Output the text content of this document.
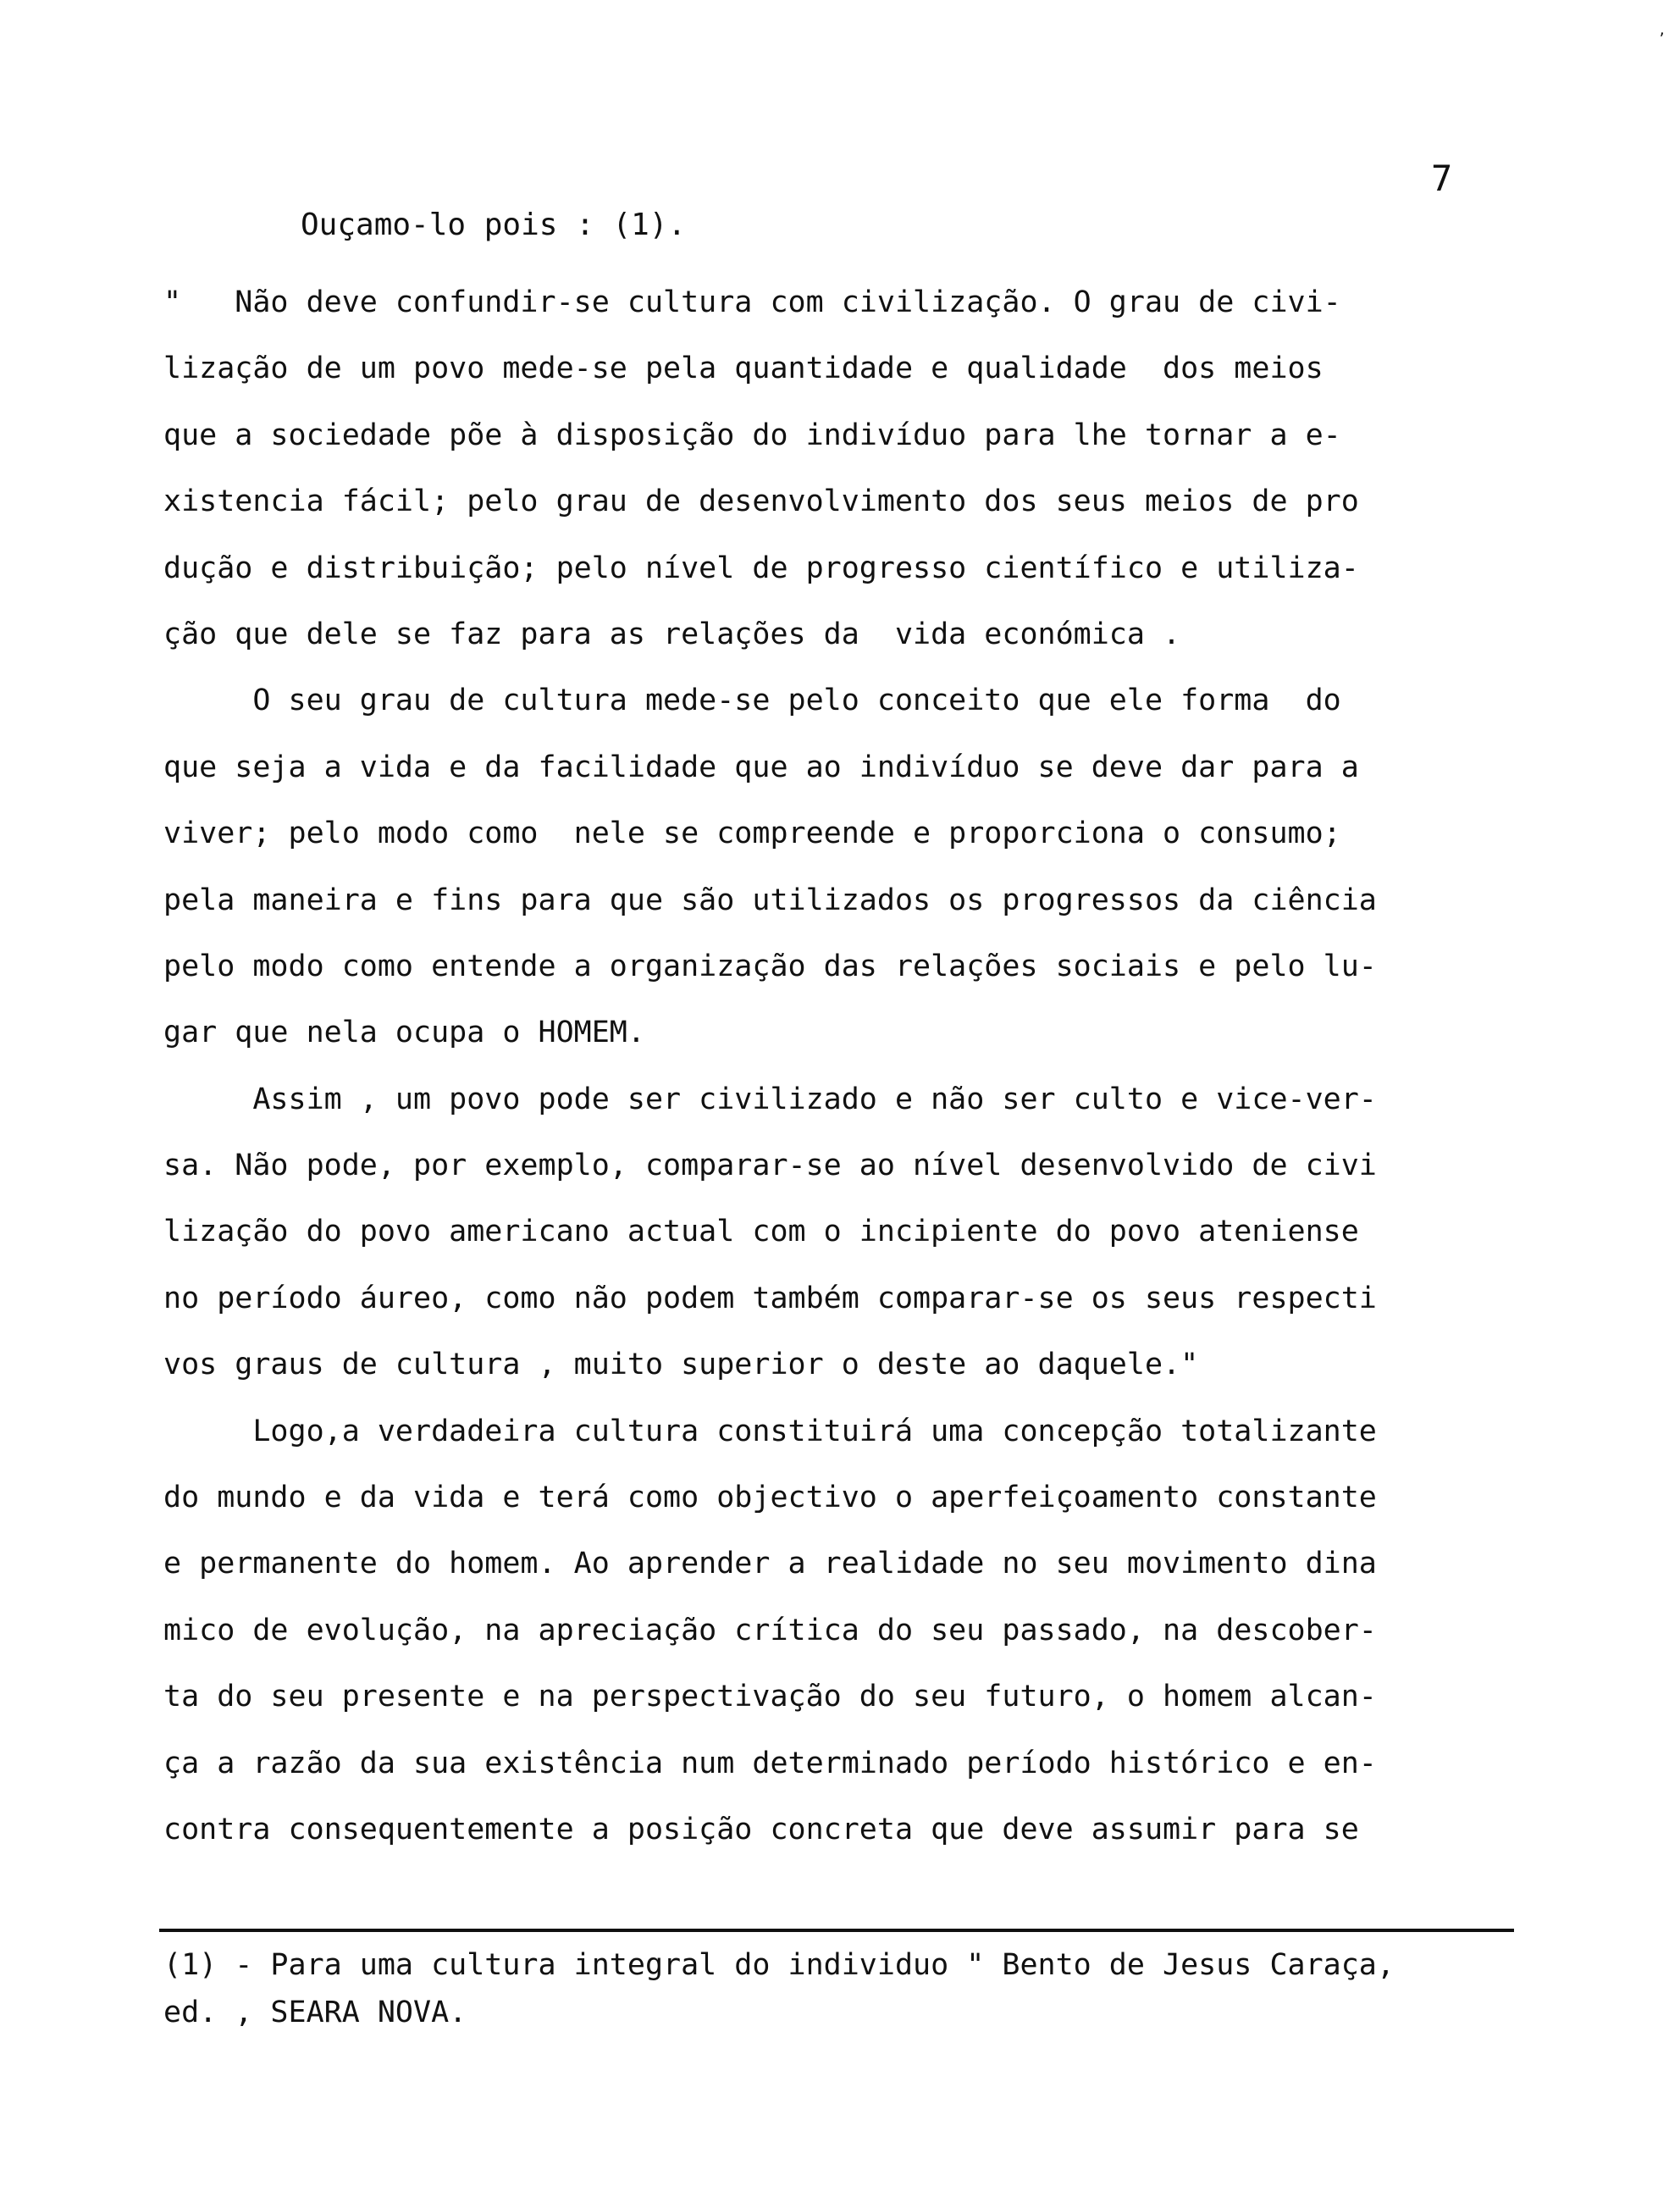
,
7
Ouçamo-lo pois : (1).
"   Não deve confundir-se cultura com civilização. O grau de civi-
lização de um povo mede-se pela quantidade e qualidade  dos meios
que a sociedade põe à disposição do indivíduo para lhe tornar a e-
xistencia fácil; pelo grau de desenvolvimento dos seus meios de pro
dução e distribuição; pelo nível de progresso científico e utiliza-
ção que dele se faz para as relações da  vida económica .
O seu grau de cultura mede-se pelo conceito que ele forma  do
que seja a vida e da facilidade que ao indivíduo se deve dar para a
viver; pelo modo como  nele se compreende e proporciona o consumo;
pela maneira e fins para que são utilizados os progressos da ciência
pelo modo como entende a organização das relações sociais e pelo lu-
gar que nela ocupa o HOMEM.
Assim , um povo pode ser civilizado e não ser culto e vice-ver-
sa. Não pode, por exemplo, comparar-se ao nível desenvolvido de civi
lização do povo americano actual com o incipiente do povo ateniense
no período áureo, como não podem também comparar-se os seus respecti
vos graus de cultura , muito superior o deste ao daquele."
Logo,a verdadeira cultura constituirá uma concepção totalizante
do mundo e da vida e terá como objectivo o aperfeiçoamento constante
e permanente do homem. Ao aprender a realidade no seu movimento dina
mico de evolução, na apreciação crítica do seu passado, na descober-
ta do seu presente e na perspectivação do seu futuro, o homem alcan-
ça a razão da sua existência num determinado período histórico e en-
contra consequentemente a posição concreta que deve assumir para se
(1) - Para uma cultura integral do individuo " Bento de Jesus Caraça,
ed. , SEARA NOVA.
